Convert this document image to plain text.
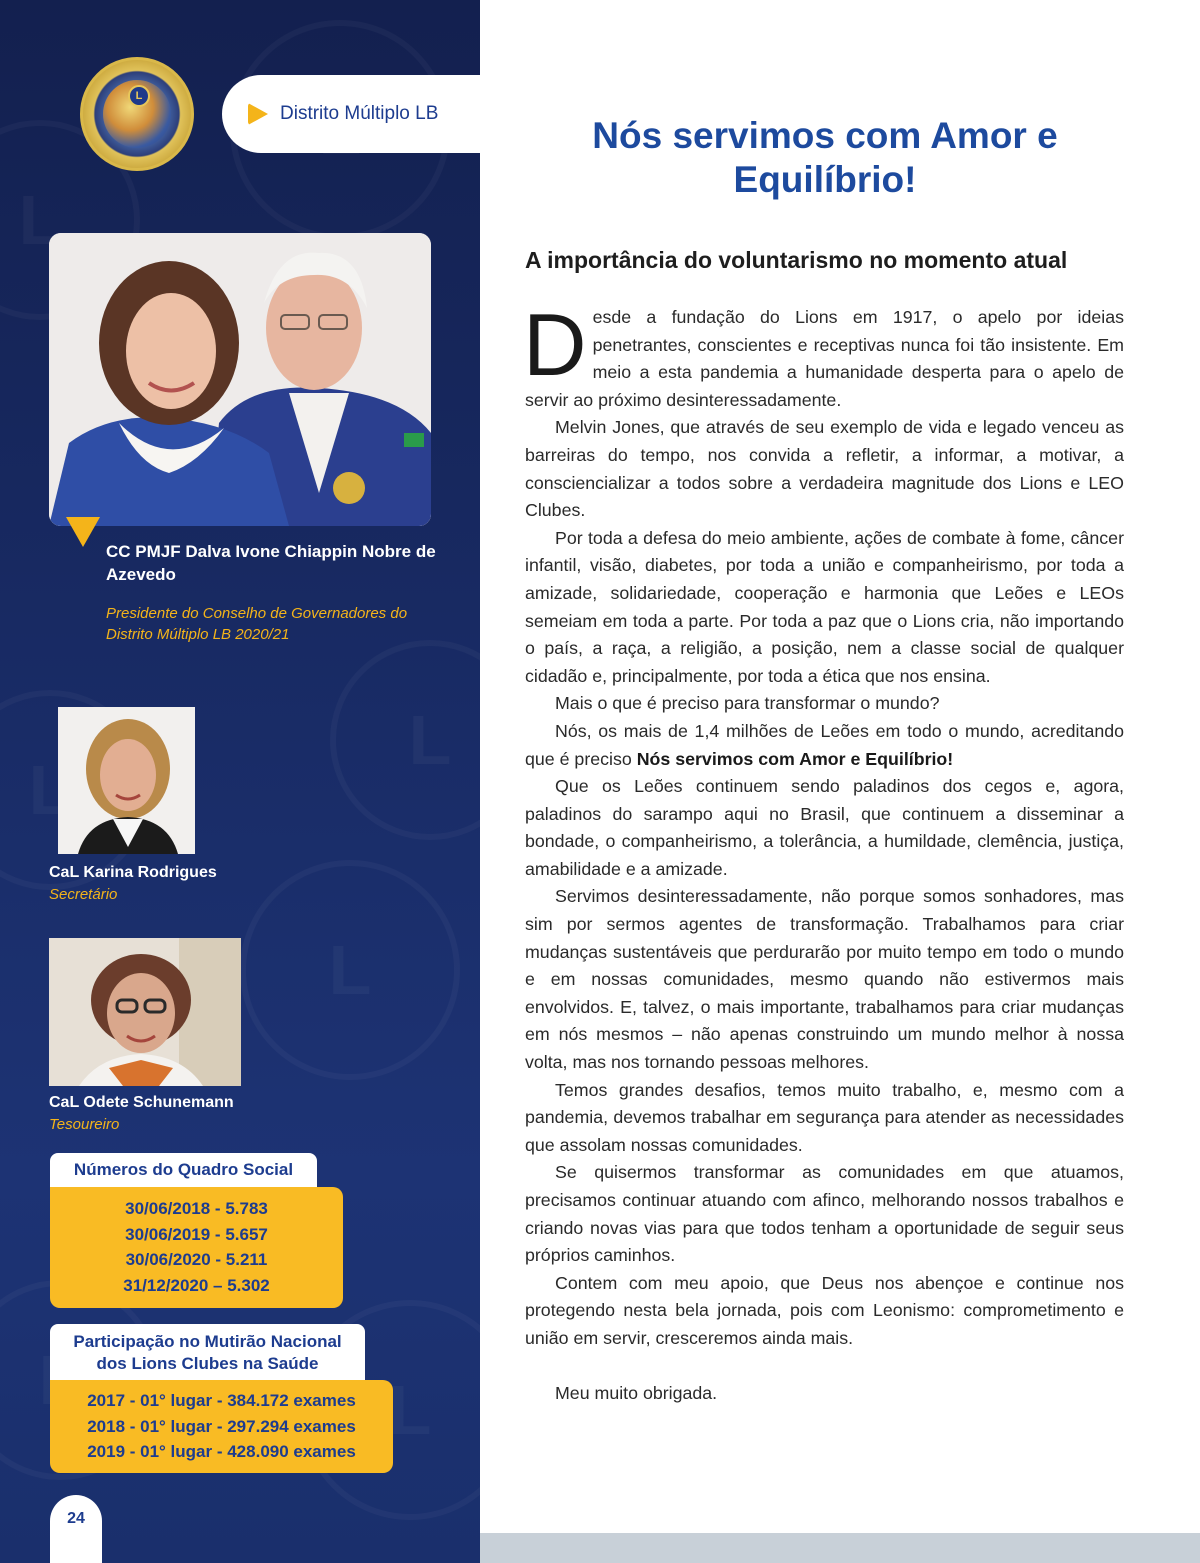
L
Distrito Múltiplo LB
CC PMJF Dalva Ivone Chiappin Nobre de Azevedo
Presidente do Conselho de Governadores do Distrito Múltiplo LB 2020/21
CaL Karina Rodrigues
Secretário
CaL Odete Schunemann
Tesoureiro
Números do Quadro Social
30/06/2018 - 5.783
30/06/2019 - 5.657
30/06/2020 - 5.211
31/12/2020 – 5.302
Participação no Mutirão Nacional
dos Lions Clubes na Saúde
2017 - 01° lugar - 384.172 exames
2018 - 01° lugar - 297.294 exames
2019 - 01° lugar - 428.090 exames
24
Nós servimos com Amor e
Equilíbrio!
A importância do voluntarismo no momento atual

Desde a fundação do Lions em 1917, o apelo por ideias penetrantes, conscientes e receptivas nunca foi tão insistente. Em meio a esta pandemia a humanidade desperta para o apelo de servir ao próximo desinteressadamente.

Melvin Jones, que através de seu exemplo de vida e legado venceu as barreiras do tempo, nos convida a refletir, a informar, a motivar, a consciencializar a todos sobre a verdadeira magnitude dos Lions e LEO Clubes.

Por toda a defesa do meio ambiente, ações de combate à fome, câncer infantil, visão, diabetes, por toda a união e companheirismo, por toda a amizade, solidariedade, cooperação e harmonia que Leões e LEOs semeiam em toda a parte. Por toda a paz que o Lions cria, não importando o país, a raça, a religião, a posição, nem a classe social de qualquer cidadão e, principalmente, por toda a ética que nos ensina.

Mais o que é preciso para transformar o mundo?

Nós, os mais de 1,4 milhões de Leões em todo o mundo, acreditando que é preciso Nós servimos com Amor e Equilíbrio!

Que os Leões continuem sendo paladinos dos cegos e, agora, paladinos do sarampo aqui no Brasil, que continuem a disseminar a bondade, o companheirismo, a tolerância, a humildade, clemência, justiça, amabilidade e a amizade.

Servimos desinteressadamente, não porque somos sonhadores, mas sim por sermos agentes de transformação. Trabalhamos para criar mudanças sustentáveis que perdurarão por muito tempo em todo o mundo e em nossas comunidades, mesmo quando não estivermos mais envolvidos. E, talvez, o mais importante, trabalhamos para criar mudanças em nós mesmos – não apenas construindo um mundo melhor à nossa volta, mas nos tornando pessoas melhores.

Temos grandes desafios, temos muito trabalho, e, mesmo com a pandemia, devemos trabalhar em segurança para atender as necessidades que assolam nossas comunidades.

Se quisermos transformar as comunidades em que atuamos, precisamos continuar atuando com afinco, melhorando nossos trabalhos e criando novas vias para que todos tenham a oportunidade de seguir seus próprios caminhos.

Contem com meu apoio, que Deus nos abençoe e continue nos protegendo nesta bela jornada, pois com Leonismo: comprometimento e união em servir, cresceremos ainda mais.

Meu muito obrigada.
